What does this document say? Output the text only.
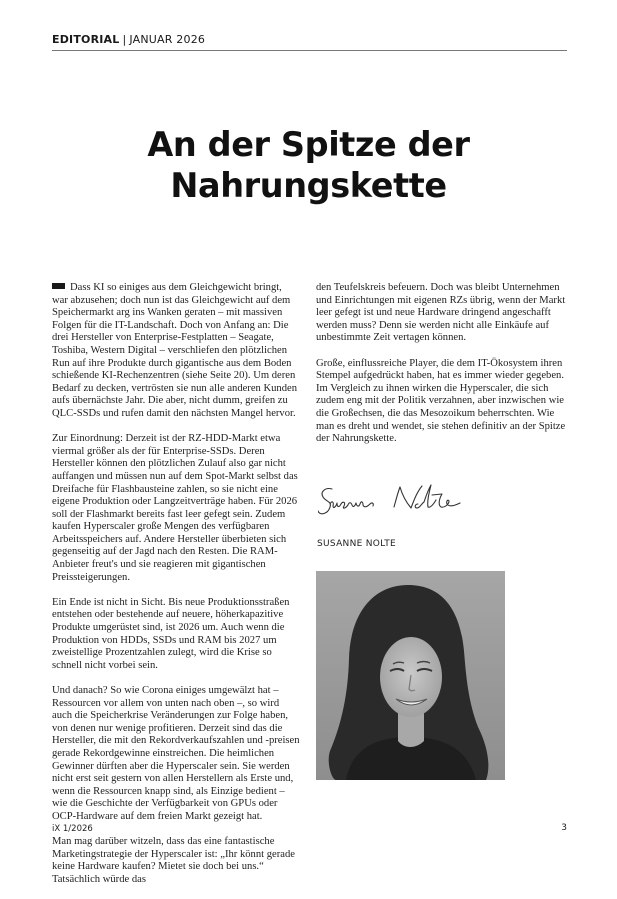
EDITORIAL | JANUAR 2026
An der Spitze der
Nahrungskette

Dass KI so einiges aus dem Gleichgewicht bringt, war abzusehen; doch nun ist das Gleichgewicht auf dem Speichermarkt arg ins Wanken geraten – mit massiven Folgen für die IT-Landschaft. Doch von Anfang an: Die drei Hersteller von Enterprise-Festplatten – Seagate, Toshiba, Western Digital – verschliefen den plötzlichen Run auf ihre Produkte durch gigantische aus dem Boden schießende KI-Rechenzentren (siehe Seite 20). Um deren Bedarf zu decken, vertrösten sie nun alle anderen Kunden aufs übernächste Jahr. Die aber, nicht dumm, greifen zu QLC-SSDs und rufen damit den nächsten Mangel hervor.

Zur Einordnung: Derzeit ist der RZ-HDD-Markt etwa viermal größer als der für Enterprise-SSDs. Deren Hersteller können den plötzlichen Zulauf also gar nicht auffangen und müssen nun auf dem Spot-Markt selbst das Dreifache für Flashbausteine zahlen, so sie nicht eine eigene Produktion oder Langzeitverträge haben. Für 2026 soll der Flashmarkt bereits fast leer gefegt sein. Zudem kaufen Hyperscaler große Mengen des verfügbaren Arbeitsspeichers auf. Andere Hersteller überbieten sich gegenseitig auf der Jagd nach den Resten. Die RAM-Anbieter freut's und sie reagieren mit gigantischen Preissteigerungen.

Ein Ende ist nicht in Sicht. Bis neue Produktionsstraßen entstehen oder bestehende auf neuere, höherkapazitive Produkte umgerüstet sind, ist 2026 um. Auch wenn die Produktion von HDDs, SSDs und RAM bis 2027 um zweistellige Prozentzahlen zulegt, wird die Krise so schnell nicht vorbei sein.

Und danach? So wie Corona einiges umgewälzt hat – Ressourcen vor allem von unten nach oben –, so wird auch die Speicherkrise Veränderungen zur Folge haben, von denen nur wenige profitieren. Derzeit sind das die Hersteller, die mit den Rekordverkaufszahlen und -preisen gerade Rekordgewinne einstreichen. Die heimlichen Gewinner dürften aber die Hyperscaler sein. Sie werden nicht erst seit gestern von allen Herstellern als Erste und, wenn die Ressourcen knapp sind, als Einzige bedient – wie die Geschichte der Verfügbarkeit von GPUs oder OCP-Hardware auf dem freien Markt gezeigt hat.

Man mag darüber witzeln, dass das eine fantastische Marketingstrategie der Hyperscaler ist: „Ihr könnt gerade keine Hardware kaufen? Mietet sie doch bei uns.“ Tatsächlich würde das

den Teufelskreis befeuern. Doch was bleibt Unternehmen und Einrichtungen mit eigenen RZs übrig, wenn der Markt leer gefegt ist und neue Hardware dringend angeschafft werden muss? Denn sie werden nicht alle Einkäufe auf unbestimmte Zeit vertagen können.

Große, einflussreiche Player, die dem IT-Ökosystem ihren Stempel aufgedrückt haben, hat es immer wieder gegeben. Im Vergleich zu ihnen wirken die Hyperscaler, die sich zudem eng mit der Politik verzahnen, aber inzwischen wie die Großechsen, die das Mesozoikum beherrschten. Wie man es dreht und wendet, sie stehen definitiv an der Spitze der Nahrungskette.

SUSANNE NOLTE
iX 1/2026	3
